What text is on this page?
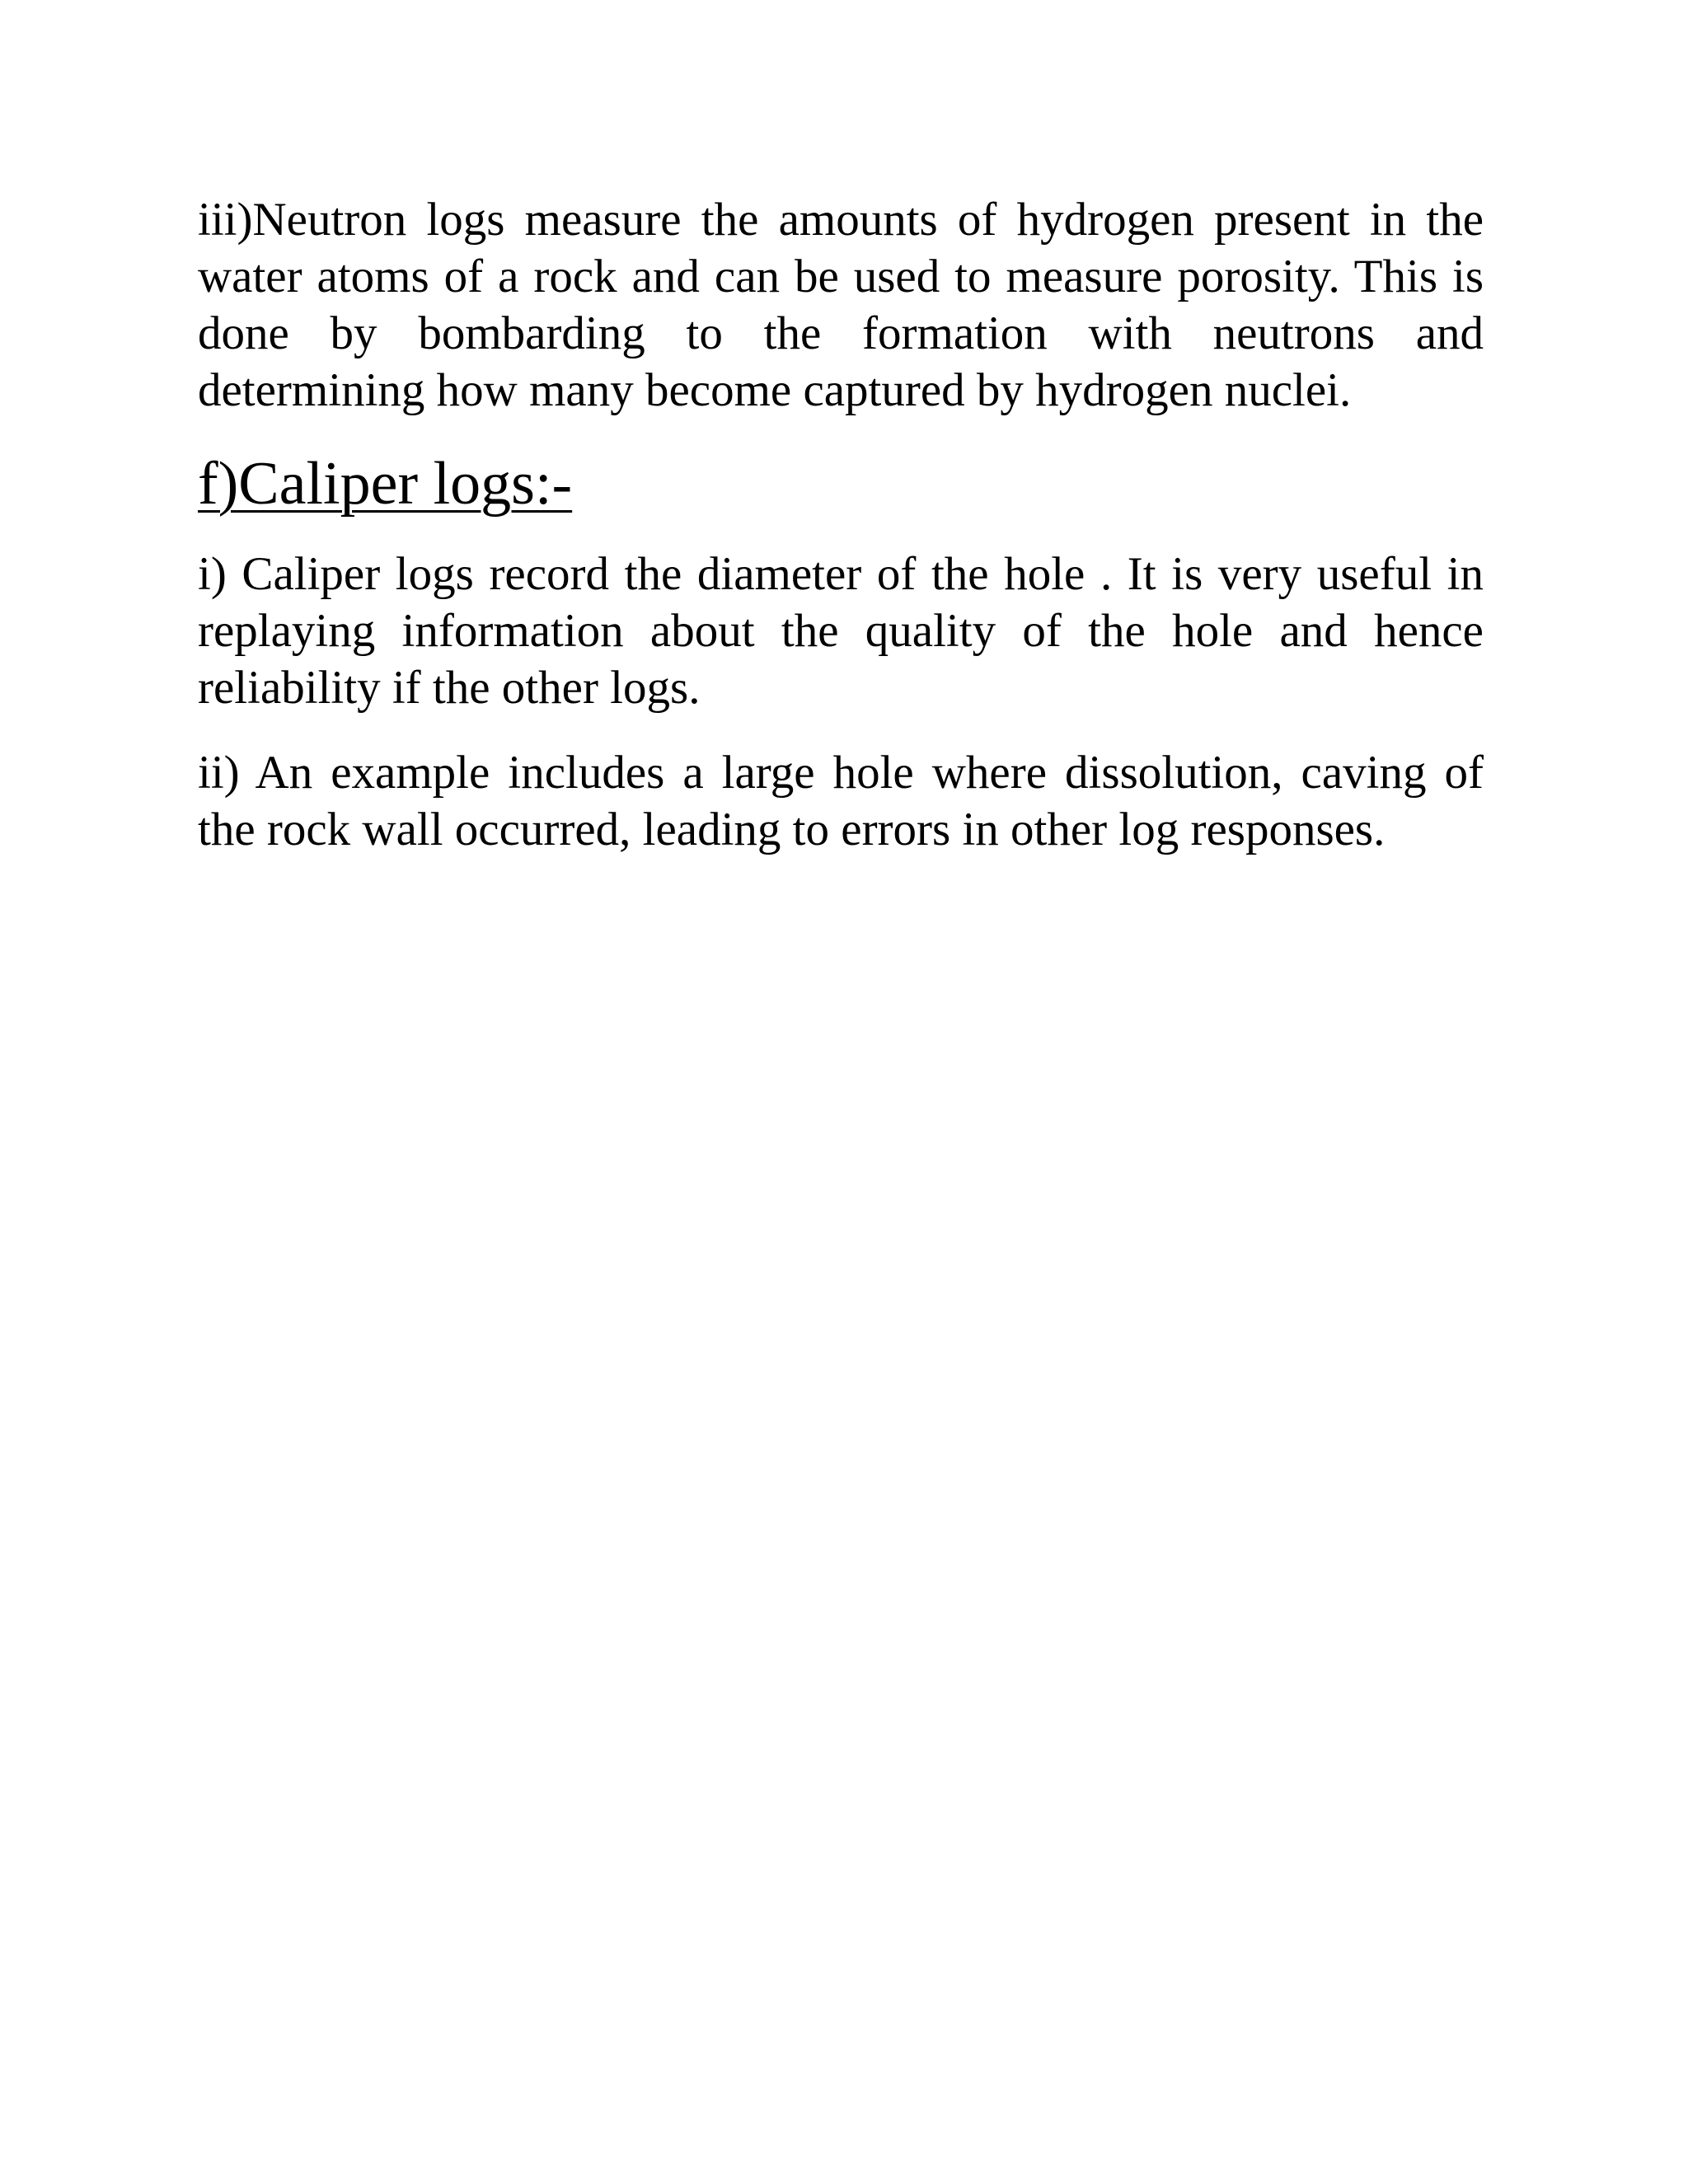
iii)Neutron logs measure the amounts of hydrogen present in the water atoms of a rock and can be used to measure porosity. This is done by bombarding to the formation with neutrons and determining how many become captured by hydrogen nuclei.

f)Caliper logs:-

i) Caliper logs record the diameter of the hole . It is very useful in replaying information about the quality of the hole and hence reliability if the other logs.

ii) An example includes a large hole where dissolution, caving of the rock wall occurred, leading to errors in other log responses.
